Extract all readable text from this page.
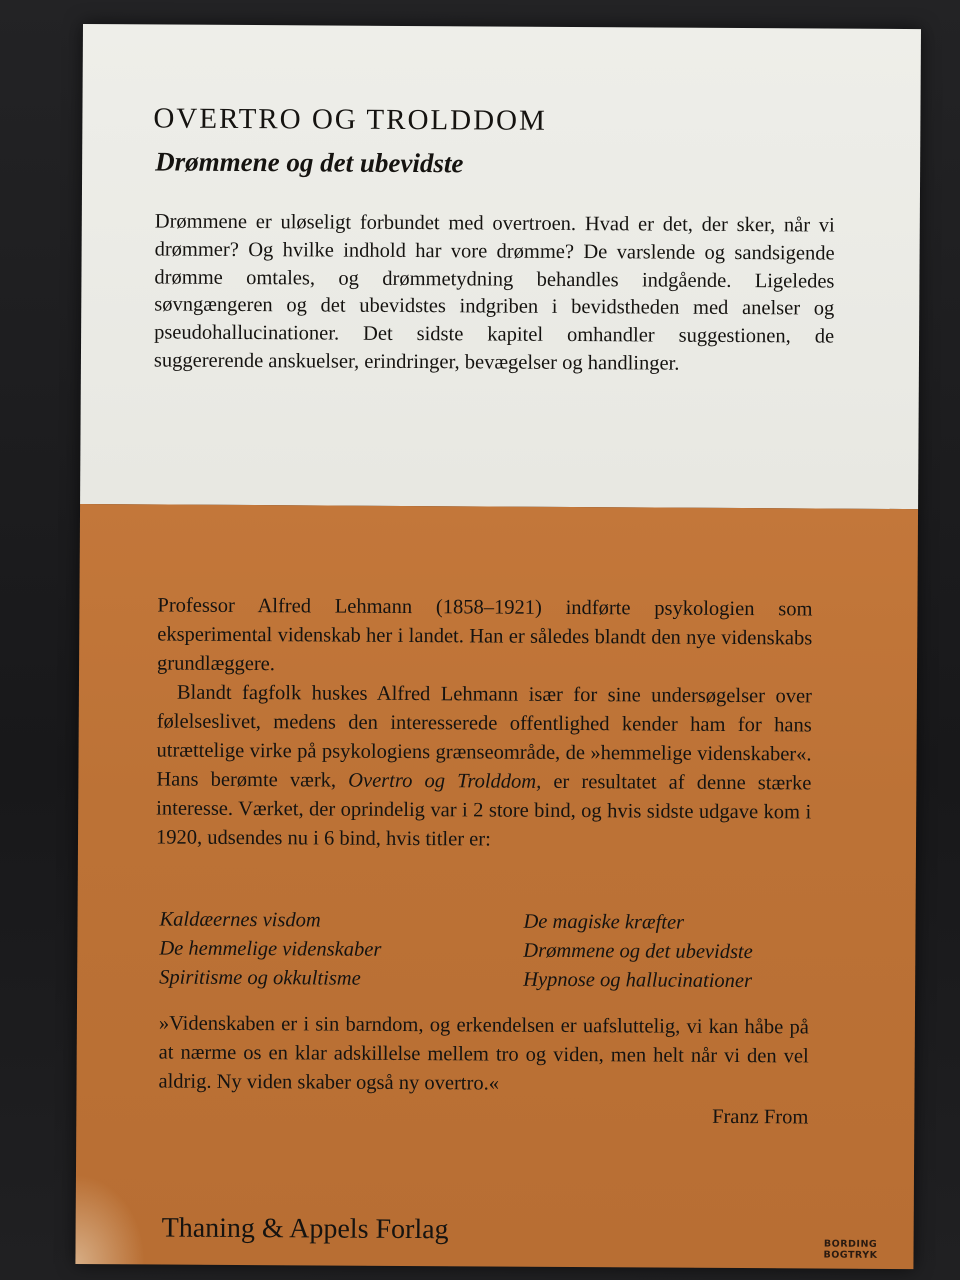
OVERTRO OG TROLDDOM
Drømmene og det ubevidste

Drømmene er uløseligt forbundet med overtroen. Hvad er det, der sker, når vi drømmer? Og hvilke indhold har vore drømme? De varslende og sandsigende drømme omtales, og drømmetydning behandles indgående. Ligeledes søvngængeren og det ubevidstes indgriben i bevidstheden med anelser og pseudohallucinationer. Det sidste kapitel omhandler suggestionen, de suggererende anskuelser, erindringer, bevægelser og handlinger.

Professor Alfred Lehmann (1858–1921) indførte psykologien som eksperimental videnskab her i landet. Han er således blandt den nye videnskabs grundlæggere.

Blandt fagfolk huskes Alfred Lehmann især for sine undersøgelser over følelseslivet, medens den interesserede offentlighed kender ham for hans utrættelige virke på psykologiens grænseområde, de »hemmelige videnskaber«. Hans berømte værk, Overtro og Trolddom, er resultatet af denne stærke interesse. Værket, der oprindelig var i 2 store bind, og hvis sidste udgave kom i 1920, udsendes nu i 6 bind, hvis titler er:

Kaldæernes visdom	De magiske kræfter
De hemmelige videnskaber	Drømmene og det ubevidste
Spiritisme og okkultisme	Hypnose og hallucinationer

»Videnskaben er i sin barndom, og erkendelsen er uafsluttelig, vi kan håbe på at nærme os en klar adskillelse mellem tro og viden, men helt når vi den vel aldrig. Ny viden skaber også ny overtro.«

Franz From
Thaning & Appels Forlag	BORDING
BOGTRYK
